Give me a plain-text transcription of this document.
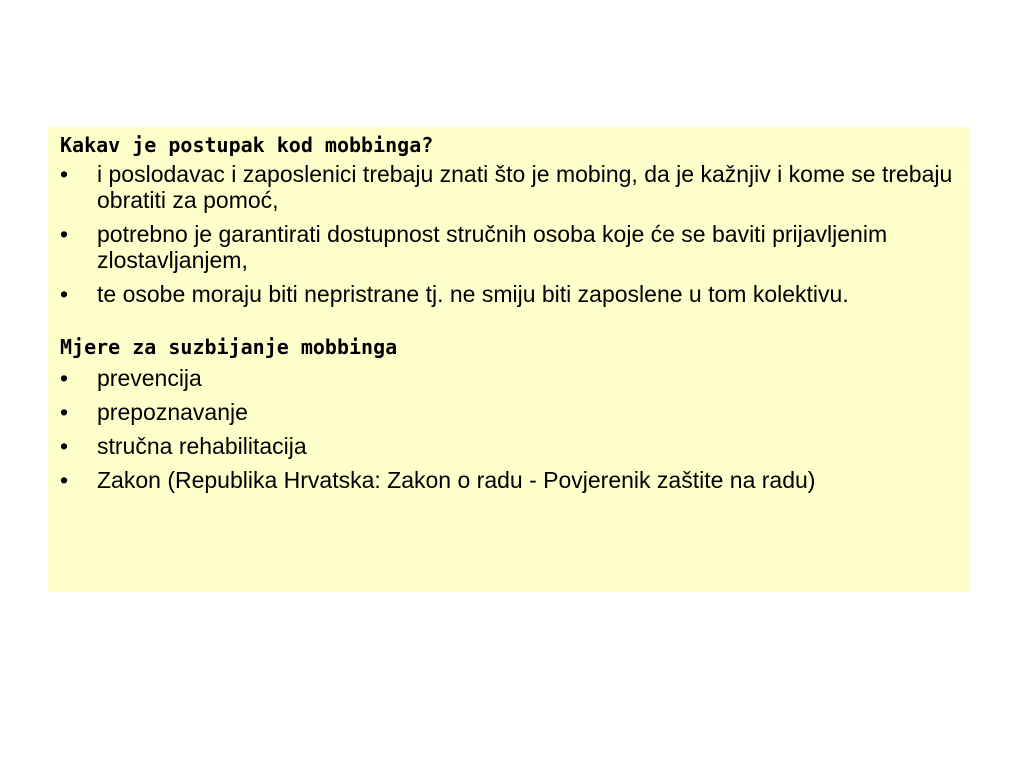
Kakav je postupak kod mobbinga?

•	i poslodavac i zaposlenici trebaju znati što je mobing, da je kažnjiv i kome se trebaju obratiti za pomoć,
•	potrebno je garantirati dostupnost stručnih osoba koje će se baviti prijavljenim zlostavljanjem,
•	te osobe moraju biti nepristrane tj. ne smiju biti zaposlene u tom kolektivu.

Mjere za suzbijanje mobbinga

•	prevencija
•	prepoznavanje
•	stručna rehabilitacija
•	Zakon (Republika Hrvatska: Zakon o radu - Povjerenik zaštite na radu)
